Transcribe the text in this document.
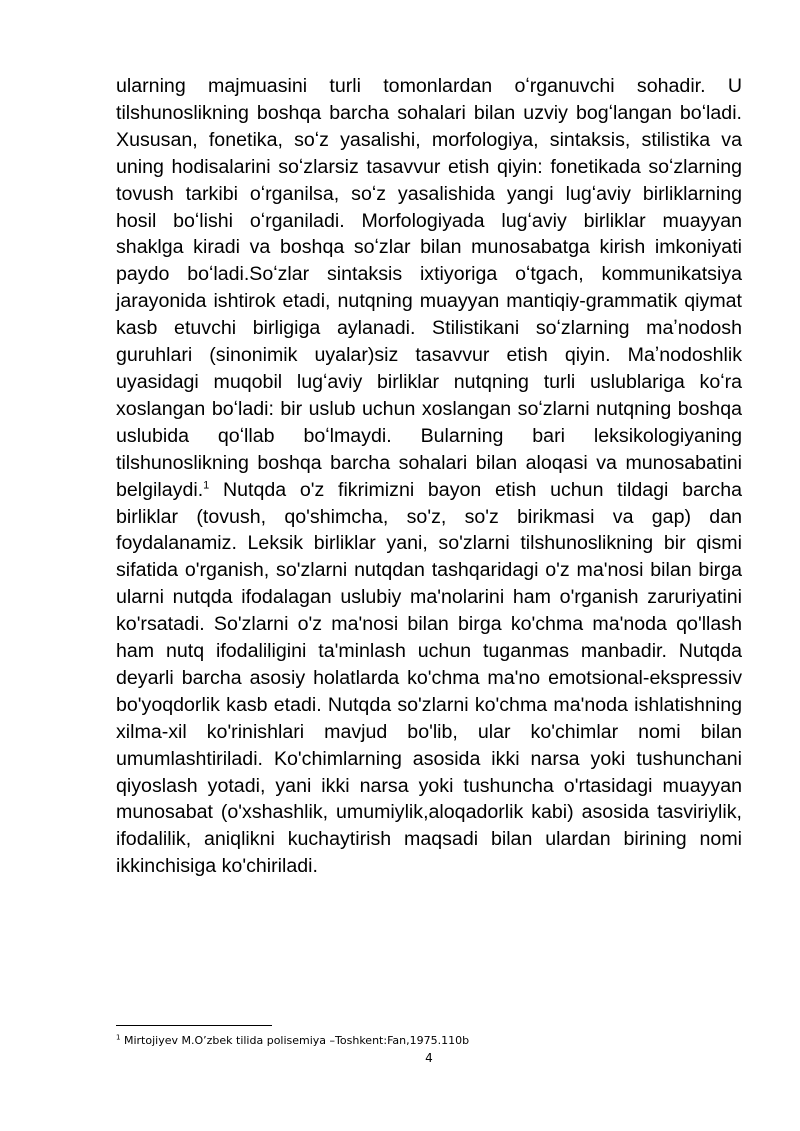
ularning majmuasini turli tomonlardan oʻrganuvchi sohadir. U tilshunoslikning boshqa barcha sohalari bilan uzviy bogʻlangan boʻladi. Xususan, fonetika, soʻz yasalishi, morfologiya, sintaksis, stilistika va uning hodisalarini soʻzlarsiz tasavvur etish qiyin: fonetikada soʻzlarning tovush tarkibi oʻrganilsa, soʻz yasalishida yangi lugʻaviy birliklarning hosil boʻlishi oʻrganiladi. Morfologiyada lugʻaviy birliklar muayyan shaklga kiradi va boshqa soʻzlar bilan munosabatga kirish imkoniyati paydo boʻladi.Soʻzlar sintaksis ixtiyoriga oʻtgach, kommunikatsiya jarayonida ishtirok etadi, nutqning muayyan mantiqiy-grammatik qiymat kasb etuvchi birligiga aylanadi. Stilistikani soʻzlarning maʼnodosh guruhlari (sinonimik uyalar)siz tasavvur etish qiyin. Maʼnodoshlik uyasidagi muqobil lugʻaviy birliklar nutqning turli uslublariga koʻra xoslangan boʻladi: bir uslub uchun xoslangan soʻzlarni nutqning boshqa uslubida qoʻllab boʻlmaydi. Bularning bari leksikologiyaning tilshunoslikning boshqa barcha sohalari bilan aloqasi va munosabatini belgilaydi.$^1$ Nutqda o'z fikrimizni bayon etish uchun tildagi barcha birliklar (tovush, qo'shimcha, so'z, so'z birikmasi va gap) dan foydalanamiz. Leksik birliklar yani, so'zlarni tilshunoslikning bir qismi sifatida o'rganish, so'zlarni nutqdan tashqaridagi o'z ma'nosi bilan birga ularni nutqda ifodalagan uslubiy ma'nolarini ham o'rganish zaruriyatini ko'rsatadi. So'zlarni o'z ma'nosi bilan birga ko'chma ma'noda qo'llash ham nutq ifodaliligini ta'minlash uchun tuganmas manbadir. Nutqda deyarli barcha asosiy holatlarda ko'chma ma'no emotsional-ekspressiv bo'yoqdorlik kasb etadi. Nutqda so'zlarni ko'chma ma'noda ishlatishning xilma-xil ko'rinishlari mavjud bo'lib, ular ko'chimlar nomi bilan umumlashtiriladi. Ko'chimlarning asosida ikki narsa yoki tushunchani qiyoslash yotadi, yani ikki narsa yoki tushuncha o'rtasidagi muayyan munosabat (o'xshashlik, umumiylik,aloqadorlik kabi) asosida tasviriylik, ifodalilik, aniqlikni kuchaytirish maqsadi bilan ulardan birining nomi ikkinchisiga ko'chiriladi.

$^1$ Mirtojiyev M.O’zbek tilida polisemiya –Toshkent:Fan,1975.110b
4
